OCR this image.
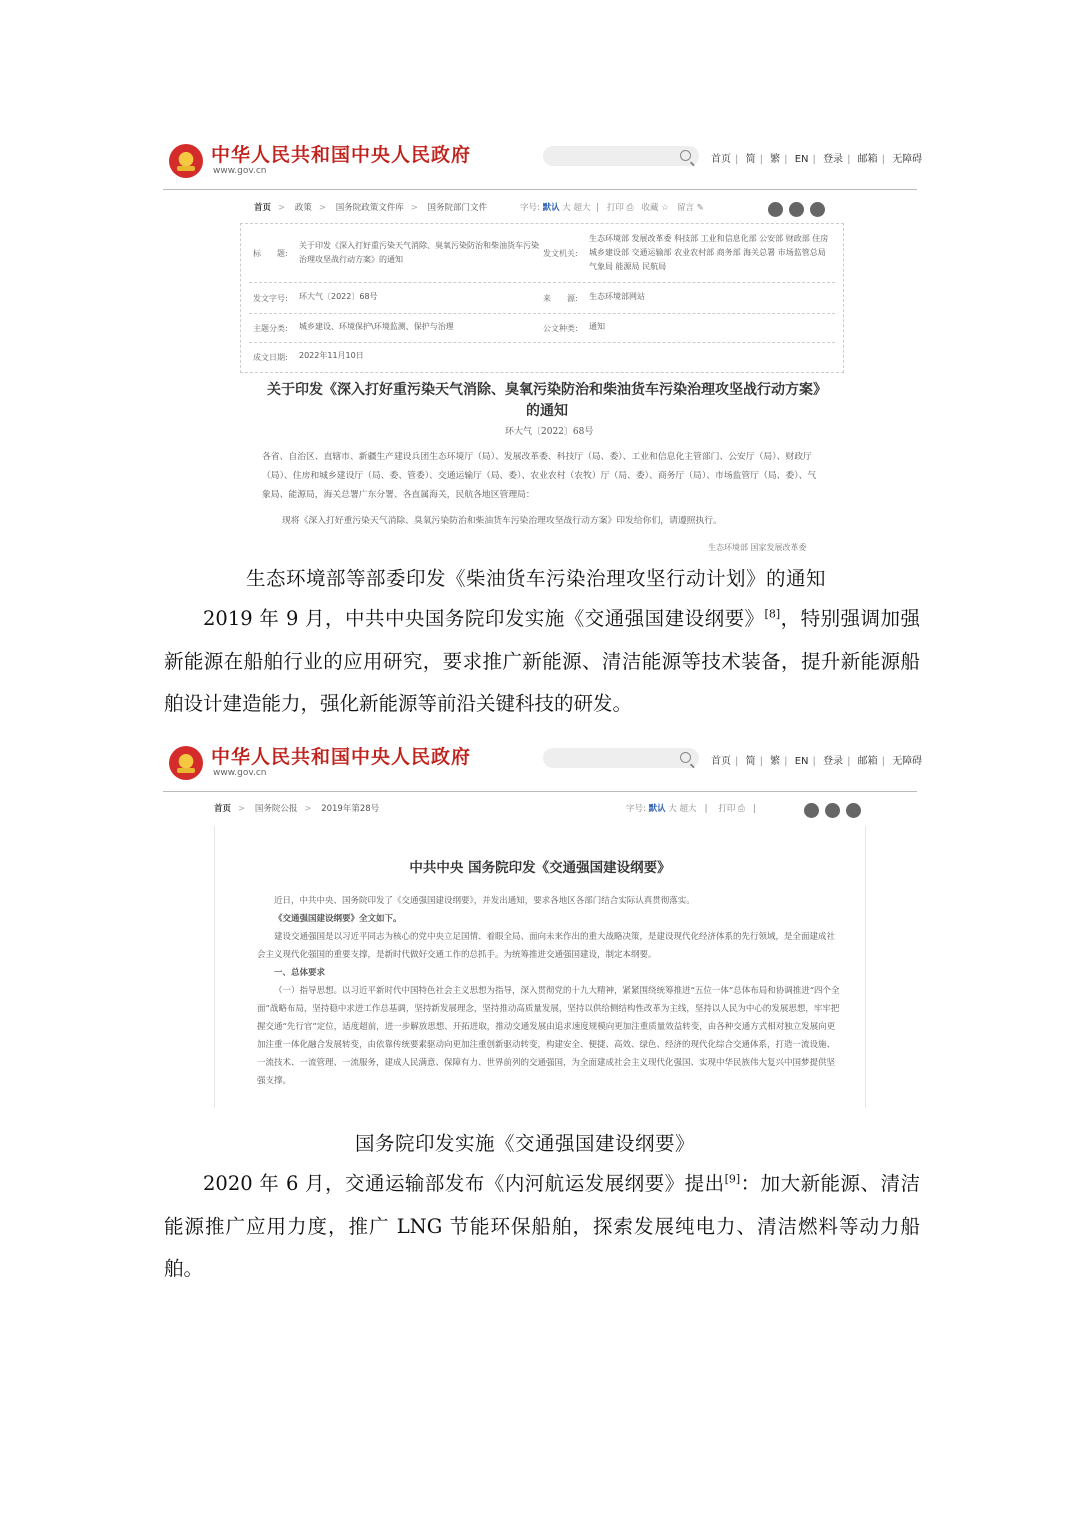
中华人民共和国中央人民政府
www.gov.cn
首页 | 简 | 繁 | EN | 登录 | 邮箱 | 无障碍
首页 > 政策 > 国务院政策文件库 > 国务院部门文件	字号: 默认 大 超大  |   打印 ⎙   收藏 ☆   留言 ✎
标　　题:
关于印发《深入打好重污染天气消除、臭氧污染防治和柴油货车污染治理攻坚战行动方案》的通知
发文机关:
生态环境部 发展改革委 科技部 工业和信息化部 公安部 财政部 住房城乡建设部 交通运输部 农业农村部 商务部 海关总署 市场监管总局 气象局 能源局 民航局
发文字号: 环大气〔2022〕68号	来　　源: 生态环境部网站
主题分类: 城乡建设、环境保护\环境监测、保护与治理	公文种类: 通知
成文日期: 2022年11月10日
关于印发《深入打好重污染天气消除、臭氧污染防治和柴油货车污染治理攻坚战行动方案》的通知
环大气〔2022〕68号
各省、自治区、直辖市、新疆生产建设兵团生态环境厅（局）、发展改革委、科技厅（局、委）、工业和信息化主管部门、公安厅（局）、财政厅（局）、住房和城乡建设厅（局、委、管委）、交通运输厅（局、委）、农业农村（农牧）厅（局、委）、商务厅（局）、市场监管厅（局、委）、气象局、能源局，海关总署广东分署、各直属海关，民航各地区管理局：
现将《深入打好重污染天气消除、臭氧污染防治和柴油货车污染治理攻坚战行动方案》印发给你们，请遵照执行。
生态环境部 国家发展改革委
生态环境部等部委印发《柴油货车污染治理攻坚行动计划》的通知
2019 年 9 月，中共中央国务院印发实施《交通强国建设纲要》[8]，特别强调加强新能源在船舶行业的应用研究，要求推广新能源、清洁能源等技术装备，提升新能源船舶设计建造能力，强化新能源等前沿关键科技的研发。
中华人民共和国中央人民政府
www.gov.cn
首页 | 简 | 繁 | EN | 登录 | 邮箱 | 无障碍
首页 > 国务院公报 > 2019年第28号	字号: 默认 大 超大   |    打印 ⎙   |
中共中央 国务院印发《交通强国建设纲要》

近日，中共中央、国务院印发了《交通强国建设纲要》，并发出通知，要求各地区各部门结合实际认真贯彻落实。

《交通强国建设纲要》全文如下。

建设交通强国是以习近平同志为核心的党中央立足国情、着眼全局、面向未来作出的重大战略决策，是建设现代化经济体系的先行领域，是全面建成社会主义现代化强国的重要支撑，是新时代做好交通工作的总抓手。为统筹推进交通强国建设，制定本纲要。

一、总体要求

（一）指导思想。以习近平新时代中国特色社会主义思想为指导，深入贯彻党的十九大精神，紧紧围绕统筹推进“五位一体”总体布局和协调推进“四个全面”战略布局，坚持稳中求进工作总基调，坚持新发展理念，坚持推动高质量发展，坚持以供给侧结构性改革为主线，坚持以人民为中心的发展思想，牢牢把握交通“先行官”定位，适度超前，进一步解放思想、开拓进取，推动交通发展由追求速度规模向更加注重质量效益转变，由各种交通方式相对独立发展向更加注重一体化融合发展转变，由依靠传统要素驱动向更加注重创新驱动转变，构建安全、便捷、高效、绿色、经济的现代化综合交通体系，打造一流设施、一流技术、一流管理、一流服务，建成人民满意、保障有力、世界前列的交通强国，为全面建成社会主义现代化强国、实现中华民族伟大复兴中国梦提供坚强支撑。

国务院印发实施《交通强国建设纲要》
2020 年 6 月，交通运输部发布《内河航运发展纲要》提出[9]：加大新能源、清洁能源推广应用力度，推广 LNG 节能环保船舶，探索发展纯电力、清洁燃料等动力船舶。
